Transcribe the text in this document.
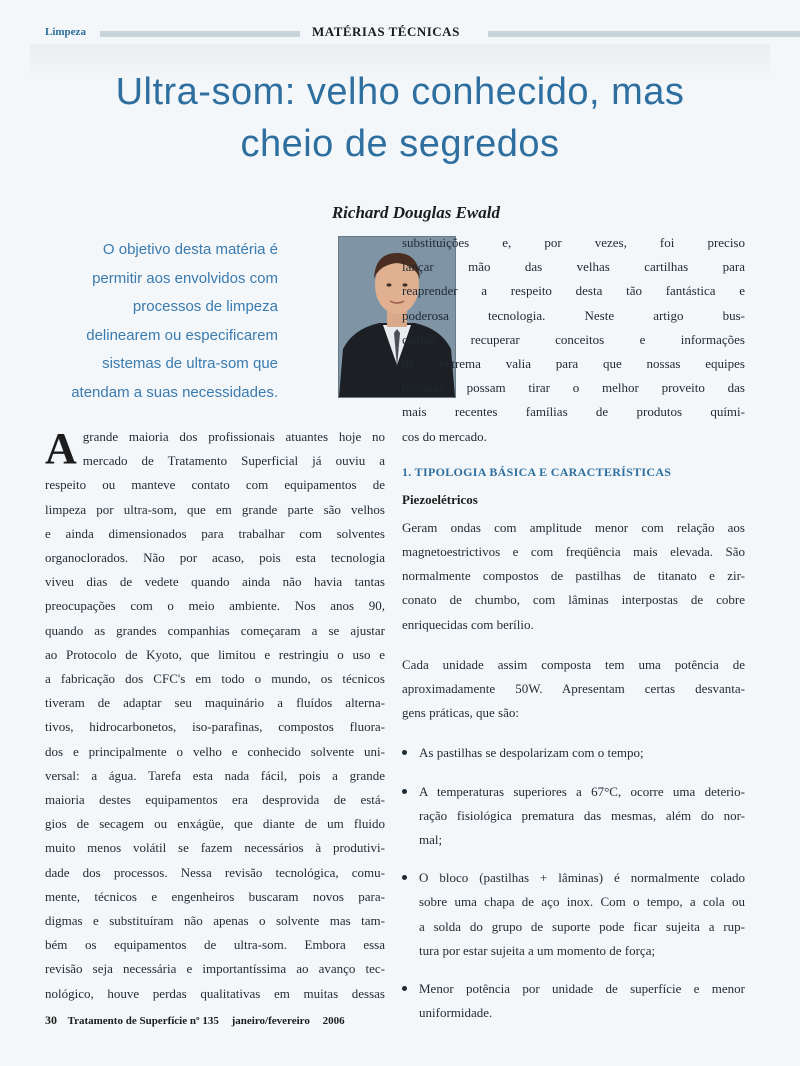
Limpeza	MATÉRIAS TÉCNICAS
Ultra-som: velho conhecido, mas
cheio de segredos
Richard Douglas Ewald
O objetivo desta matéria é
permitir aos envolvidos com
processos de limpeza
delinearem ou especificarem
sistemas de ultra-som que
atendam a suas necessidades.
A grande maioria dos profissionais atuantes hoje no
mercado de Tratamento Superficial já ouviu a
respeito ou manteve contato com equipamentos de
limpeza por ultra-som, que em grande parte são velhos
e ainda dimensionados para trabalhar com solventes
organoclorados. Não por acaso, pois esta tecnologia
viveu dias de vedete quando ainda não havia tantas
preocupações com o meio ambiente. Nos anos 90,
quando as grandes companhias começaram a se ajustar
ao Protocolo de Kyoto, que limitou e restringiu o uso e
a fabricação dos CFC's em todo o mundo, os técnicos
tiveram de adaptar seu maquinário a fluídos alterna-
tivos, hidrocarbonetos, iso-parafinas, compostos fluora-
dos e principalmente o velho e conhecido solvente uni-
versal: a água. Tarefa esta nada fácil, pois a grande
maioria destes equipamentos era desprovida de está-
gios de secagem ou enxágüe, que diante de um fluido
muito menos volátil se fazem necessários à produtivi-
dade dos processos. Nessa revisão tecnológica, comu-
mente, técnicos e engenheiros buscaram novos para-
digmas e substituíram não apenas o solvente mas tam-
bém os equipamentos de ultra-som. Embora essa
revisão seja necessária e importantíssima ao avanço tec-
nológico, houve perdas qualitativas em muitas dessas
substituições e, por vezes, foi preciso
lançar mão das velhas cartilhas para
reaprender a respeito desta tão fantástica e
poderosa tecnologia. Neste artigo bus-
camos recuperar conceitos e informações
de extrema valia para que nossas equipes
técnicas possam tirar o melhor proveito das
mais recentes famílias de produtos quími-
cos do mercado.
1. TIPOLOGIA BÁSICA E CARACTERÍSTICAS
Piezoelétricos
Geram ondas com amplitude menor com relação aos
magnetoestrictivos e com freqüência mais elevada. São
normalmente compostos de pastilhas de titanato e zir-
conato de chumbo, com lâminas interpostas de cobre
enriquecidas com berílio.
Cada unidade assim composta tem uma potência de
aproximadamente 50W. Apresentam certas desvanta-
gens práticas, que são:
As pastilhas se despolarizam com o tempo;
A temperaturas superiores a 67°C, ocorre uma deterio-
ração fisiológica prematura das mesmas, além do nor-
mal;
O bloco (pastilhas + lâminas) é normalmente colado
sobre uma chapa de aço inox. Com o tempo, a cola ou
a solda do grupo de suporte pode ficar sujeita a rup-
tura por estar sujeita a um momento de força;
Menor potência por unidade de superfície e menor
uniformidade.
30 Tratamento de Superfície nº 135 janeiro/fevereiro 2006
